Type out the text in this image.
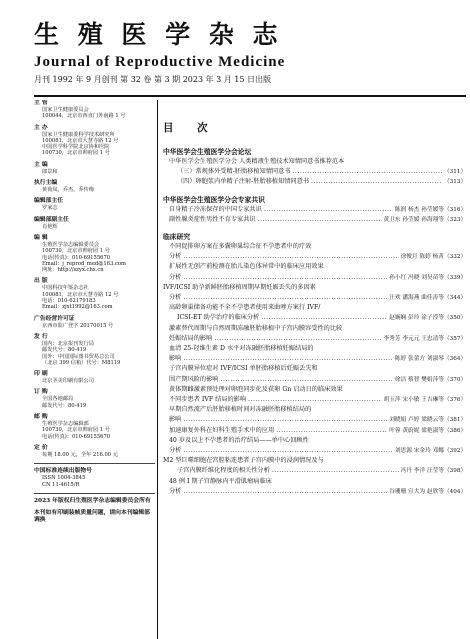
生 殖 医 学 杂 志
Journal of Reproductive Medicine
月刊 1992 年 9 月创刊 第 32 卷 第 3 期 2023 年 3 月 15 日出版
主 管
国家卫生健康委员会
100044，北京市西直门外南路 1 号
主 办
国家卫生健康委科学技术研究所
100081，北京市大慧寺路 12 号
中国医学科学院北京协和医院
100730，北京市帅府园 1 号
主 编
郎景和
执行主编
黄荷凤，乔杰，乔传梅
编辑部主任
罗家志
编辑部副主任
肖艳辉
编 辑
生殖医学杂志编辑委员会
100730，北京市帅府园 1 号
电话(传真)：010-69155670
Email：j_reprod_med@163.com
网址：http://szyx.chx.cn
出 版
中国科技年鉴杂志社
100081，北京市大慧寺路 12 号
电话：010-62179183
Email：zjxt1992@163.com
广告经营许可证
京西市监广登字 20170015 号
发 行
国内：北京报刊发行局
邮发代号：80-419
国外：中国国际图书贸易总公司
（北京 399 信箱）代号：M8119
印 刷
北京圣美印刷有限公司
订 购
全国各地邮局
邮发代号：80-419
邮 购
生殖医学杂志编辑部
100730，北京市帅府园 1 号
电话(传真)：010-69155670
定 价
每期 18.00 元，全年 216.00 元
中国标准连续出版物号
ISSN 1004-3845
CN 11-4615/R
2023 年版权归生殖医学杂志编辑委员会所有
本刊如有印刷装帧质量问题，请向本刊编辑部调换
目 次
中华医学会生殖医学分会论坛
中华医学会生殖医学分会 人类精液生殖技术知情同意书推荐范本
（三）常规体外受精-胚胎移植知情同意书 .....	（311）
（四）卵胞浆内单精子注射-胚胎移植知情同意书 .....	（313）
中华医学会生殖医学分会专家共识
自身精子冷冻保存的中国专家共识 .....	陈润 杨杰 孙莹媛等 （316）
副性腺炎症性男性不育专家共识 .....	黄卫东 孙莹媛 孙海翔等 （323）
临床研究
不同促排卵方案在多囊卵巢综合征不孕患者中的疗效
分析 .....	徐俊月 陈婷 杨菁 （332）
扩展性无创产前检测在胎儿染色体异常中的临床应用效果
分析 .....	孙小红 冯晓 刘昊苗等 （339）
IVF/ICSI 助孕新鲜胚胎移植周期早期妊娠丢失的多因素
分析 .....	汪欢 潘海燕 曲佳涛等 （344）
高龄卵巢储备功能不全不孕患者使用来曲唑方案行 IVF/
ICSI-ET 助孕治疗的临床分析 .....	赵娴娴 彭玲 涂子滢等 （350）
激素替代周期与自然周期冻融胚胎移植中子宫内膜容受性的比较
妊娠结局的影响 .....	李秀芳 李元元 王忠清等 （357）
血清 25-羟维生素 D 水平对冻融胚胎移植妊娠结局的
影响 .....	陈婷 张蕾方 刘淑琴 （364）
子宫内膜异位症对 IVF/ICSI 单胚胎移植后妊娠丢失和
围产期风险的影响 .....	徐洁 蔡智 樊娟萍等 （370）
黄体期雌激素预处理对卵泡同步化及获卵 Gn 启动日的临床效果
不同步患者 IVF 结局的影响 .....	胡玉萍 宋小敏 王吉琳等 （376）
早期自然流产后胚胎移植时间对冻融胚胎移植结局的
影响 .....	刘晓娟 卢婷 梁晓云等 （381）
加速康复外科在妇科生殖手术中的应用 .....	叶蓉 黄蔚妮 梁艳淑等 （386）
40 岁及以上不孕患者的治疗结局——单中心回顾性
分析 .....	刘思源 宋金玲 邓娜 （392）
M2 型巨噬细胞在宫腔粘连患者子宫内膜中的浸润情况及与
子宫内膜纤维化程度的相关性分析 .....	冯丹 李洋 汪莹等 （398）
48 例 I 期子宫静脉内平滑肌瘤病临床
分析 .....	谷珊珊 宣大为 赵欣等 （404）
